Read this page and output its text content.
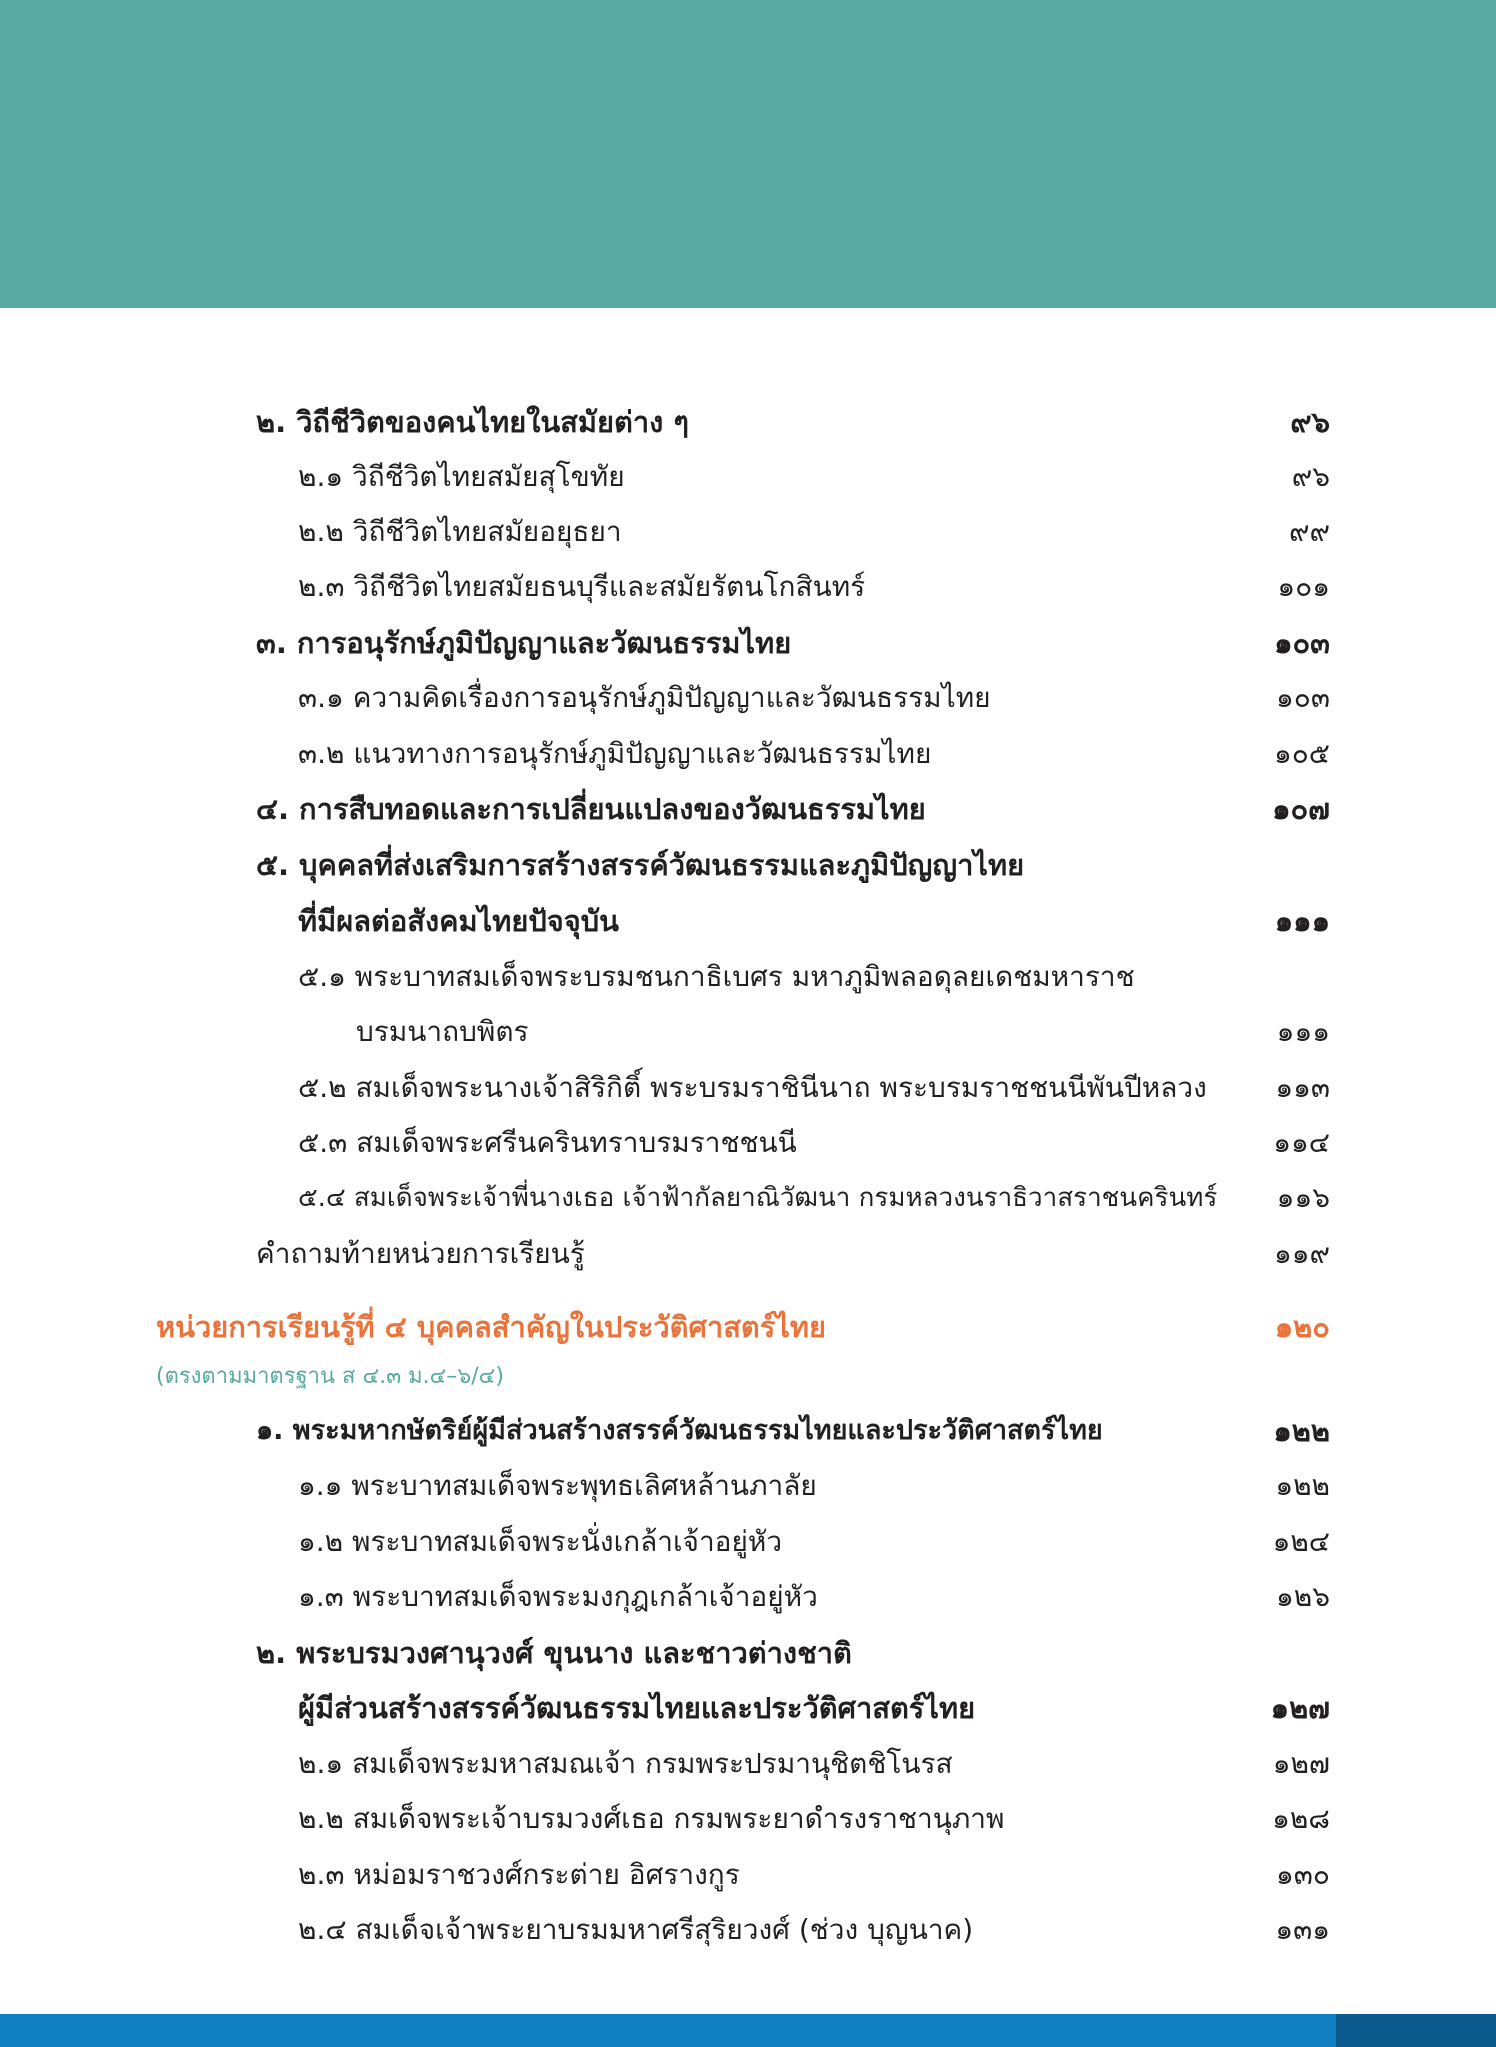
๒. วิถีชีวิตของคนไทยในสมัยต่าง ๆ	๙๖
๒.๑ วิถีชีวิตไทยสมัยสุโขทัย	๙๖
๒.๒ วิถีชีวิตไทยสมัยอยุธยา	๙๙
๒.๓ วิถีชีวิตไทยสมัยธนบุรีและสมัยรัตนโกสินทร์	๑๐๑
๓. การอนุรักษ์ภูมิปัญญาและวัฒนธรรมไทย	๑๐๓
๓.๑ ความคิดเรื่องการอนุรักษ์ภูมิปัญญาและวัฒนธรรมไทย	๑๐๓
๓.๒ แนวทางการอนุรักษ์ภูมิปัญญาและวัฒนธรรมไทย	๑๐๕
๔. การสืบทอดและการเปลี่ยนแปลงของวัฒนธรรมไทย	๑๐๗
๕. บุคคลที่ส่งเสริมการสร้างสรรค์วัฒนธรรมและภูมิปัญญาไทย
ที่มีผลต่อสังคมไทยปัจจุบัน	๑๑๑
๕.๑ พระบาทสมเด็จพระบรมชนกาธิเบศร มหาภูมิพลอดุลยเดชมหาราช
บรมนาถบพิตร	๑๑๑
๕.๒ สมเด็จพระนางเจ้าสิริกิติ์ พระบรมราชินีนาถ พระบรมราชชนนีพันปีหลวง ๑๑๓
๕.๓ สมเด็จพระศรีนครินทราบรมราชชนนี	๑๑๔
๕.๔ สมเด็จพระเจ้าพี่นางเธอ เจ้าฟ้ากัลยาณิวัฒนา กรมหลวงนราธิวาสราชนครินทร์ ๑๑๖
คำถามท้ายหน่วยการเรียนรู้	๑๑๙
หน่วยการเรียนรู้ที่ ๔ บุคคลสำคัญในประวัติศาสตร์ไทย	๑๒๐
(ตรงตามมาตรฐาน ส ๔.๓ ม.๔–๖/๔)
๑. พระมหากษัตริย์ผู้มีส่วนสร้างสรรค์วัฒนธรรมไทยและประวัติศาสตร์ไทย	๑๒๒
๑.๑ พระบาทสมเด็จพระพุทธเลิศหล้านภาลัย	๑๒๒
๑.๒ พระบาทสมเด็จพระนั่งเกล้าเจ้าอยู่หัว	๑๒๔
๑.๓ พระบาทสมเด็จพระมงกุฎเกล้าเจ้าอยู่หัว	๑๒๖
๒. พระบรมวงศานุวงศ์ ขุนนาง และชาวต่างชาติ
ผู้มีส่วนสร้างสรรค์วัฒนธรรมไทยและประวัติศาสตร์ไทย	๑๒๗
๒.๑ สมเด็จพระมหาสมณเจ้า กรมพระปรมานุชิตชิโนรส	๑๒๗
๒.๒ สมเด็จพระเจ้าบรมวงศ์เธอ กรมพระยาดำรงราชานุภาพ	๑๒๘
๒.๓ หม่อมราชวงศ์กระต่าย อิศรางกูร	๑๓๐
๒.๔ สมเด็จเจ้าพระยาบรมมหาศรีสุริยวงศ์ (ช่วง บุญนาค)	๑๓๑
